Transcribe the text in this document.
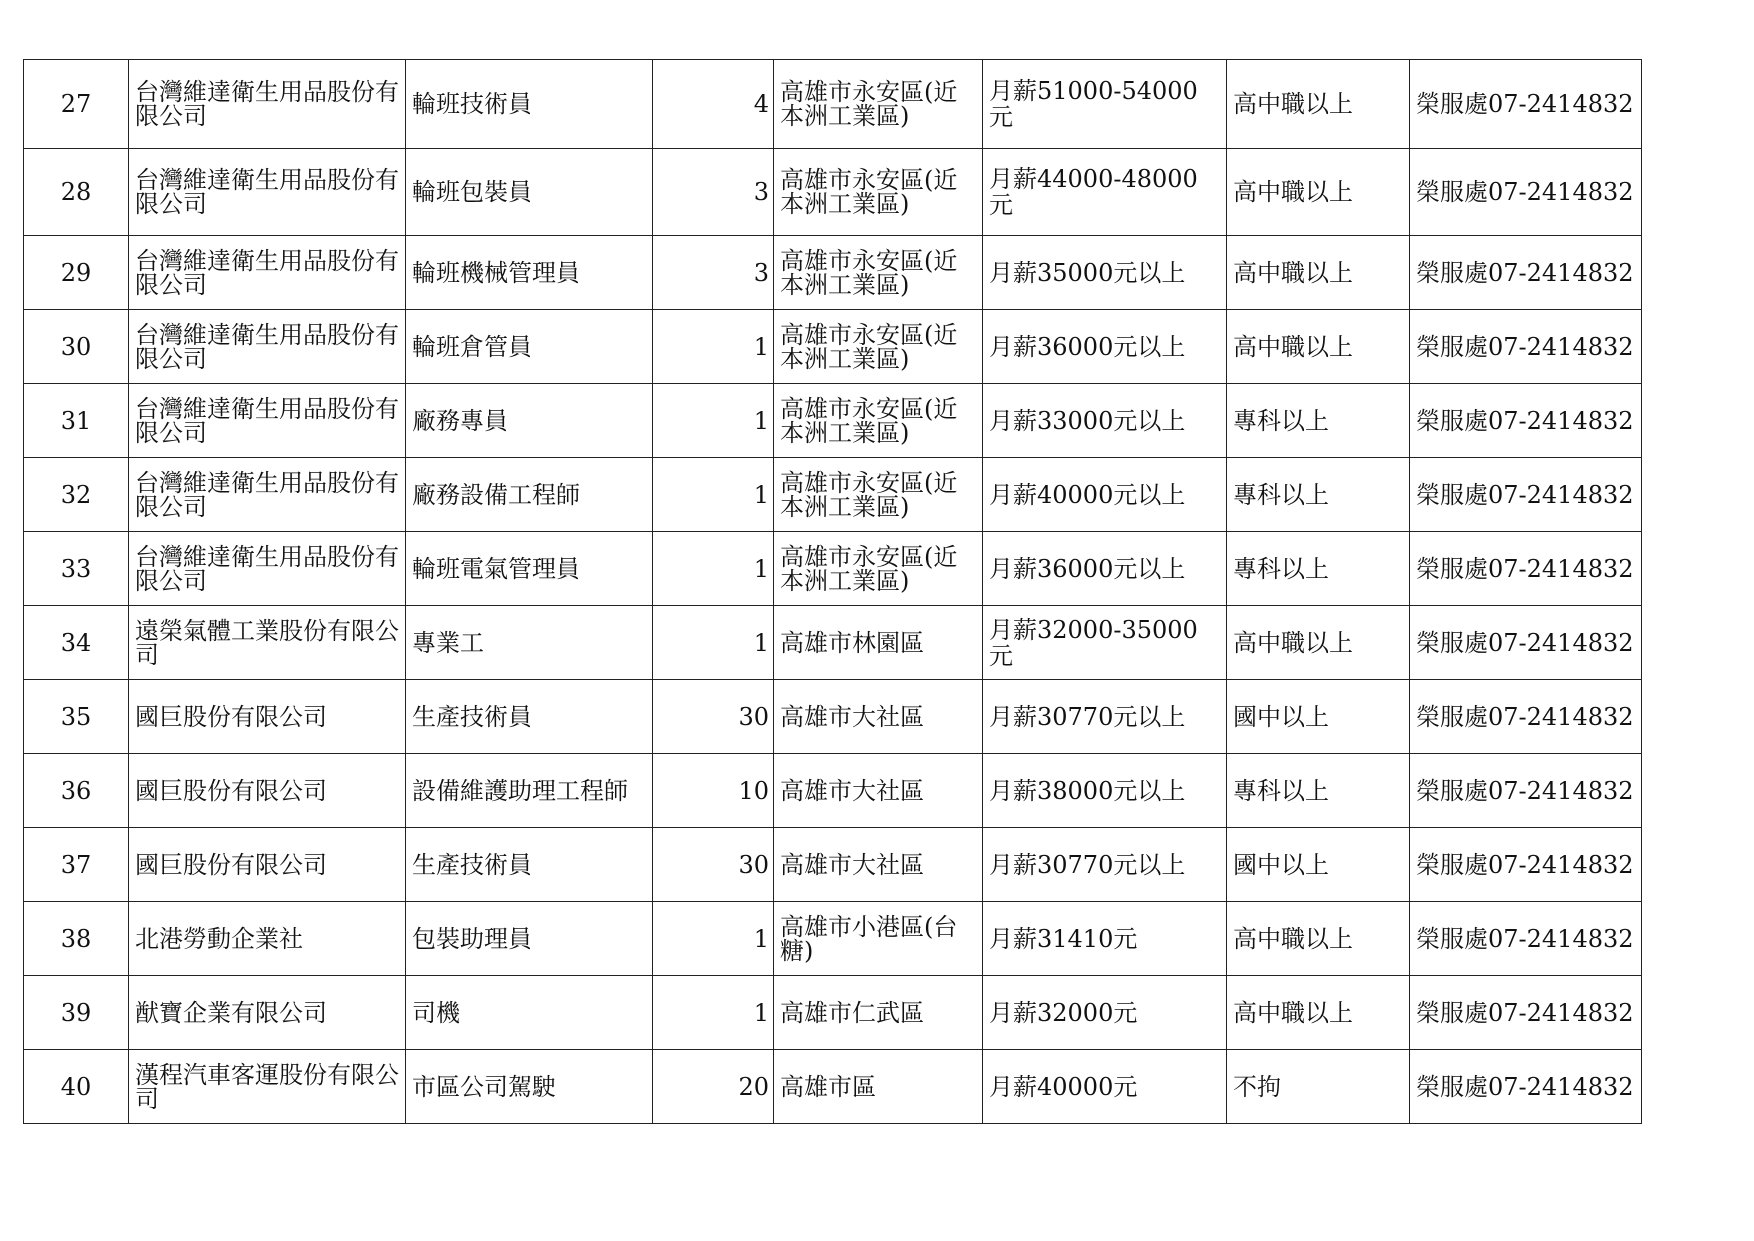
27	台灣維達衛生用品股份有限公司	輪班技術員	4	高雄市永安區(近本洲工業區)	月薪51000-54000元	高中職以上	榮服處07-2414832
28	台灣維達衛生用品股份有限公司	輪班包裝員	3	高雄市永安區(近本洲工業區)	月薪44000-48000元	高中職以上	榮服處07-2414832
29	台灣維達衛生用品股份有限公司	輪班機械管理員	3	高雄市永安區(近本洲工業區)	月薪35000元以上	高中職以上	榮服處07-2414832
30	台灣維達衛生用品股份有限公司	輪班倉管員	1	高雄市永安區(近本洲工業區)	月薪36000元以上	高中職以上	榮服處07-2414832
31	台灣維達衛生用品股份有限公司	廠務專員	1	高雄市永安區(近本洲工業區)	月薪33000元以上	專科以上	榮服處07-2414832
32	台灣維達衛生用品股份有限公司	廠務設備工程師	1	高雄市永安區(近本洲工業區)	月薪40000元以上	專科以上	榮服處07-2414832
33	台灣維達衛生用品股份有限公司	輪班電氣管理員	1	高雄市永安區(近本洲工業區)	月薪36000元以上	專科以上	榮服處07-2414832
34	遠榮氣體工業股份有限公司	專業工	1	高雄市林園區	月薪32000-35000元	高中職以上	榮服處07-2414832
35	國巨股份有限公司	生產技術員	30	高雄市大社區	月薪30770元以上	國中以上	榮服處07-2414832
36	國巨股份有限公司	設備維護助理工程師	10	高雄市大社區	月薪38000元以上	專科以上	榮服處07-2414832
37	國巨股份有限公司	生產技術員	30	高雄市大社區	月薪30770元以上	國中以上	榮服處07-2414832
38	北港勞動企業社	包裝助理員	1	高雄市小港區(台糖)	月薪31410元	高中職以上	榮服處07-2414832
39	猷寶企業有限公司	司機	1	高雄市仁武區	月薪32000元	高中職以上	榮服處07-2414832
40	漢程汽車客運股份有限公司	市區公司駕駛	20	高雄市區	月薪40000元	不拘	榮服處07-2414832
